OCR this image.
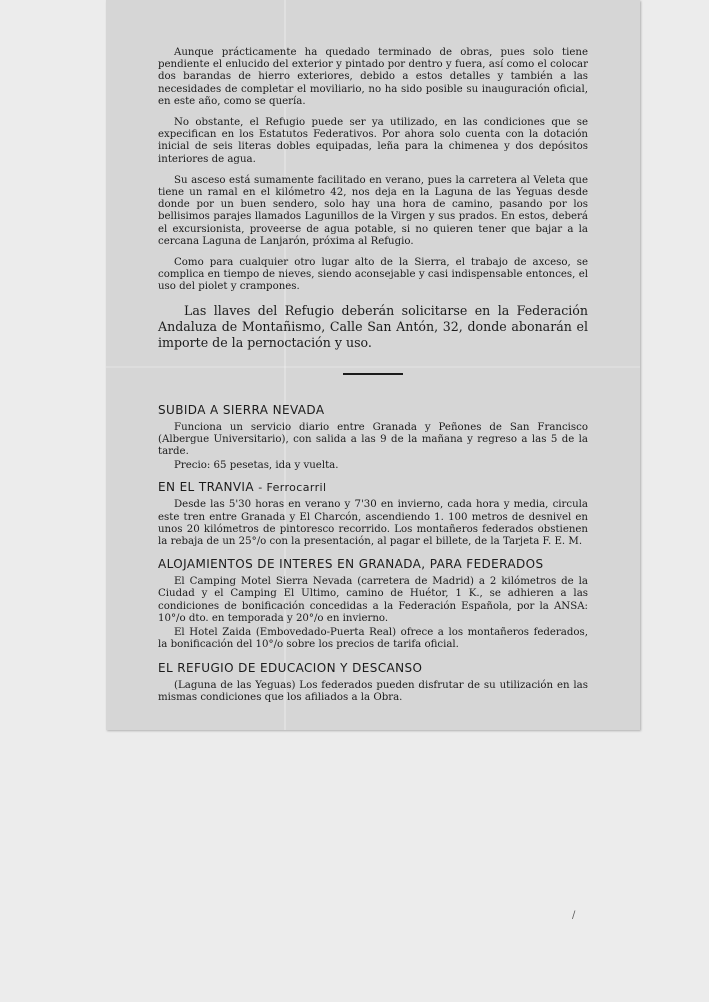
Aunque prácticamente ha quedado terminado de obras, pues solo tiene pendiente el enlucido del exterior y pintado por dentro y fuera, así como el colocar dos barandas de hierro exteriores, debido a estos detalles y también a las necesidades de completar el moviliario, no ha sido posible su inauguración oficial, en este año, como se quería.

No obstante, el Refugio puede ser ya utilizado, en las condiciones que se expecifican en los Estatutos Federativos. Por ahora solo cuenta con la dotación inicial de seis literas dobles equipadas, leña para la chimenea y dos depósitos interiores de agua.

Su asceso está sumamente facilitado en verano, pues la carretera al Veleta que tiene un ramal en el kilómetro 42, nos deja en la Laguna de las Yeguas desde donde por un buen sendero, solo hay una hora de camino, pasando por los bellisimos parajes llamados Lagunillos de la Virgen y sus prados. En estos, deberá el excursionista, proveerse de agua potable, si no quieren tener que bajar a la cercana Laguna de Lanjarón, próxima al Refugio.

Como para cualquier otro lugar alto de la Sierra, el trabajo de axceso, se complica en tiempo de nieves, siendo aconsejable y casi indispensable entonces, el uso del piolet y crampones.

Las llaves del Refugio deberán solicitarse en la Federación Andaluza de Montañismo, Calle San Antón, 32, donde abonarán el importe de la pernoctación y uso.

SUBIDA A SIERRA NEVADA

Funciona un servicio diario entre Granada y Peñones de San Francisco (Albergue Universitario), con salida a las 9 de la mañana y regreso a las 5 de la tarde.

Precio: 65 pesetas, ida y vuelta.

EN EL TRANVIA - Ferrocarril

Desde las 5'30 horas en verano y 7'30 en invierno, cada hora y media, circula este tren entre Granada y El Charcón, ascendiendo 1. 100 metros de desnivel en unos 20 kilómetros de pintoresco recorrido. Los montañeros federados obstienen la rebaja de un 25°/o con la presentación, al pagar el billete, de la Tarjeta F. E. M.

ALOJAMIENTOS DE INTERES EN GRANADA, PARA FEDERADOS

El Camping Motel Sierra Nevada (carretera de Madrid) a 2 kilómetros de la Ciudad y el Camping El Ultimo, camino de Huétor, 1 K., se adhieren a las condiciones de bonificación concedidas a la Federación Española, por la ANSA: 10°/o dto. en temporada y 20°/o en invierno.

El Hotel Zaida (Embovedado-Puerta Real) ofrece a los montañeros federados, la bonificación del 10°/o sobre los precios de tarifa oficial.

EL REFUGIO DE EDUCACION Y DESCANSO

(Laguna de las Yeguas) Los federados pueden disfrutar de su utilización en las mismas condiciones que los afiliados a la Obra.

/
